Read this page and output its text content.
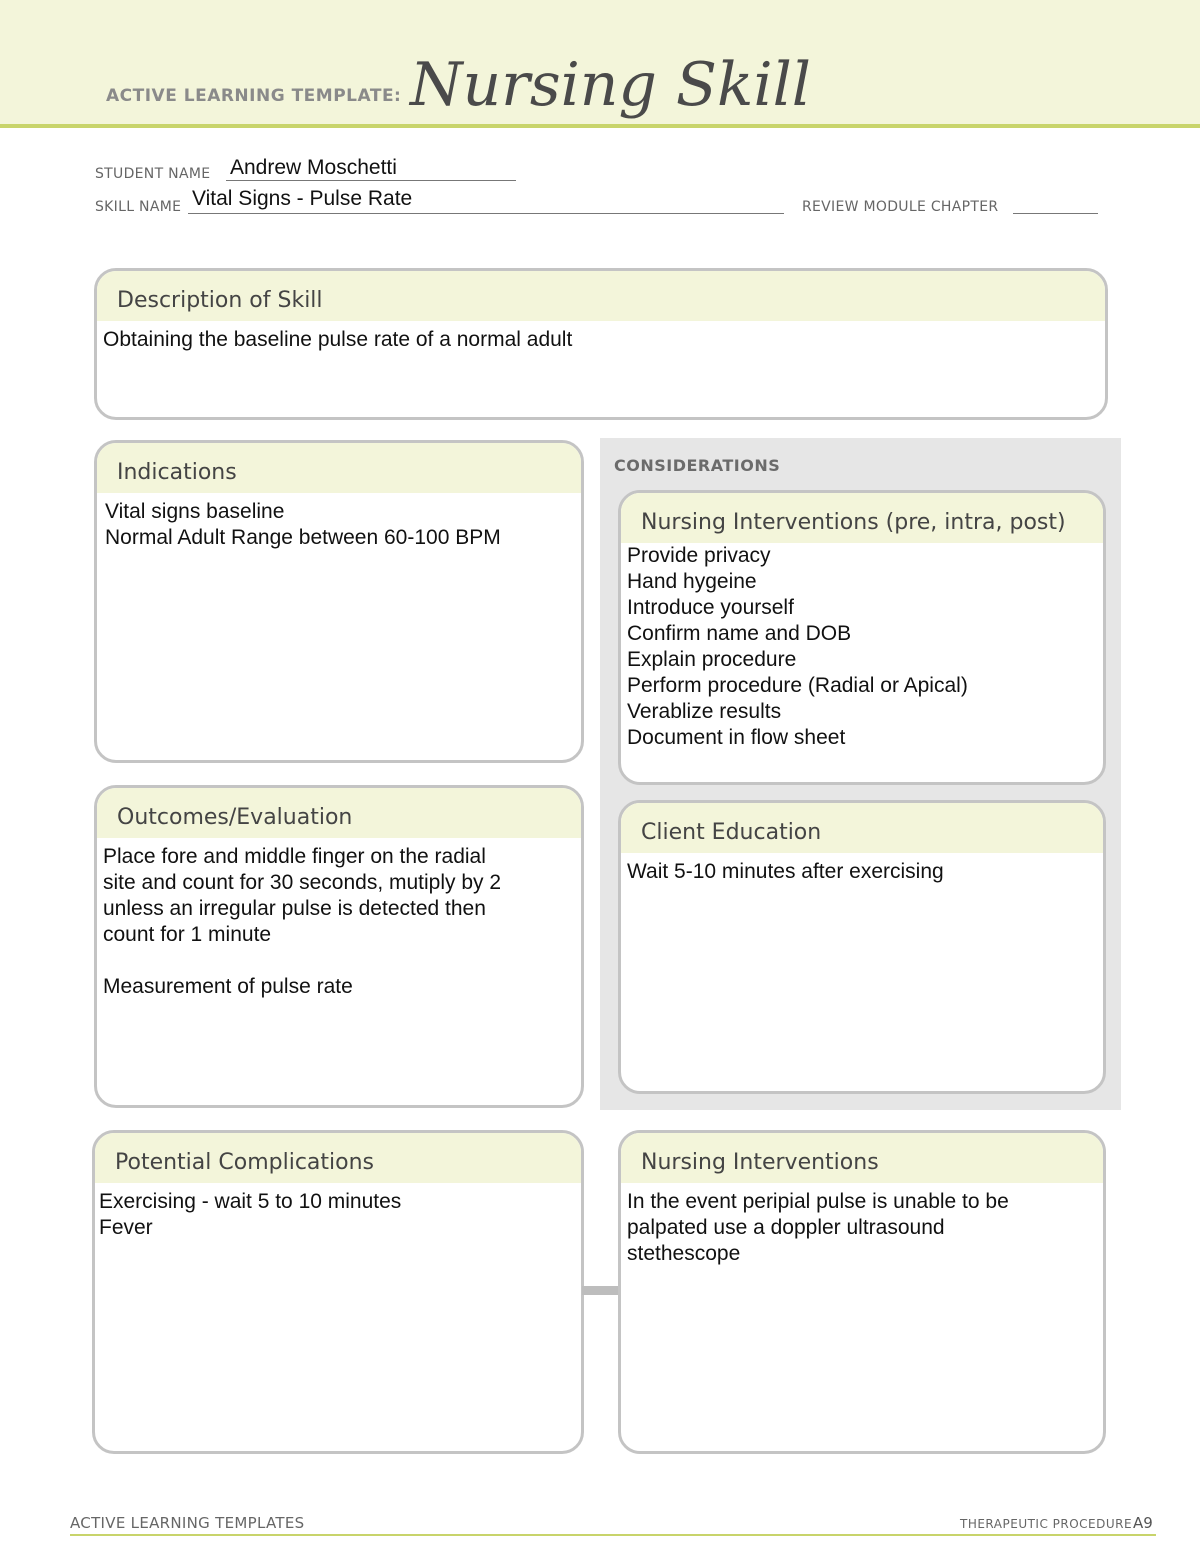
ACTIVE LEARNING TEMPLATE: Nursing Skill
STUDENT NAME Andrew Moschetti
SKILL NAME Vital Signs - Pulse Rate	REVIEW MODULE CHAPTER
Description of Skill
Obtaining the baseline pulse rate of a normal adult
Indications
Vital signs baseline
Normal Adult Range between 60-100 BPM
Outcomes/Evaluation
Place fore and middle finger on the radial
site and count for 30 seconds, mutiply by 2
unless an irregular pulse is detected then
count for 1 minute
Measurement of pulse rate
CONSIDERATIONS
Nursing Interventions (pre, intra, post)
Provide privacy
Hand hygeine
Introduce yourself
Confirm name and DOB
Explain procedure
Perform procedure (Radial or Apical)
Verablize results
Document in flow sheet
Client Education
Wait 5-10 minutes after exercising
Potential Complications
Exercising - wait 5 to 10 minutes
Fever
Nursing Interventions
In the event peripial pulse is unable to be
palpated use a doppler ultrasound
stethescope
ACTIVE LEARNING TEMPLATES	THERAPEUTIC PROCEDURE A9
